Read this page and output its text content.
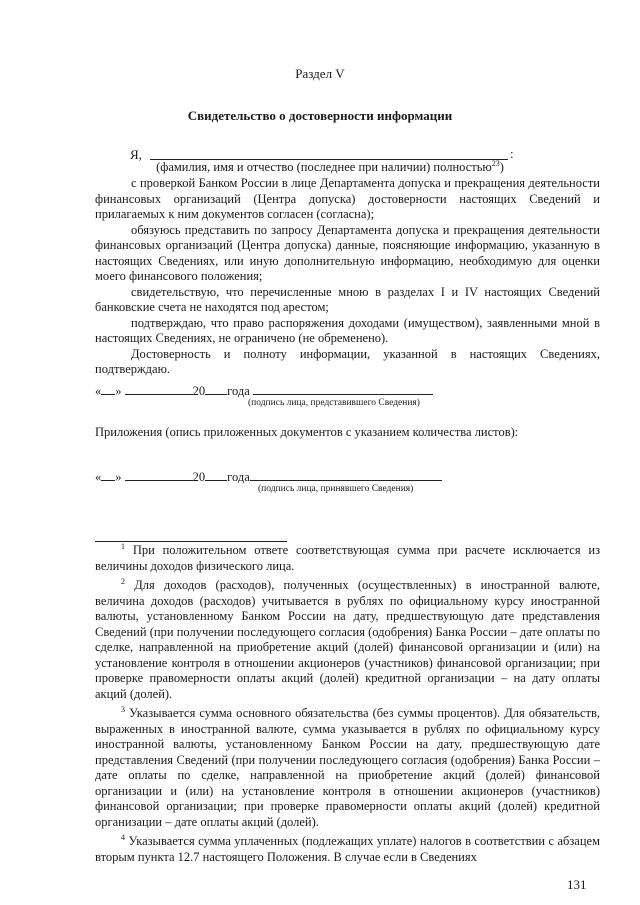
Раздел V
Свидетельство о достоверности информации
Я,	:
(фамилия, имя и отчество (последнее при наличии) полностью$^{23}$)

с проверкой Банком России в лице Департамента допуска и прекращения деятельности финансовых организаций (Центра допуска) достоверности настоящих Сведений и прилагаемых к ним документов согласен (согласна);

обязуюсь представить по запросу Департамента допуска и прекращения деятельности финансовых организаций (Центра допуска) данные, поясняющие информацию, указанную в настоящих Сведениях, или иную дополнительную информацию, необходимую для оценки моего финансового положения;

свидетельствую, что перечисленные мною в разделах I и IV настоящих Сведений банковские счета не находятся под арестом;

подтверждаю, что право распоряжения доходами (имуществом), заявленными мной в настоящих Сведениях, не ограничено (не обременено).

Достоверность и полноту информации, указанной в настоящих Сведениях, подтверждаю.

« »	20 года
(подпись лица, представившего Сведения)
Приложения (опись приложенных документов с указанием количества листов):
« »	20 года
(подпись лица, принявшего Сведения)

$^1$ При положительном ответе соответствующая сумма при расчете исключается из величины доходов физического лица.

$^2$ Для доходов (расходов), полученных (осуществленных) в иностранной валюте, величина доходов (расходов) учитывается в рублях по официальному курсу иностранной валюты, установленному Банком России на дату, предшествующую дате представления Сведений (при получении последующего согласия (одобрения) Банка России – дате оплаты по сделке, направленной на приобретение акций (долей) финансовой организации и (или) на установление контроля в отношении акционеров (участников) финансовой организации; при проверке правомерности оплаты акций (долей) кредитной организации – на дату оплаты акций (долей).

$^3$ Указывается сумма основного обязательства (без суммы процентов). Для обязательств, выраженных в иностранной валюте, сумма указывается в рублях по официальному курсу иностранной валюты, установленному Банком России на дату, предшествующую дате представления Сведений (при получении последующего согласия (одобрения) Банка России – дате оплаты по сделке, направленной на приобретение акций (долей) финансовой организации и (или) на установление контроля в отношении акционеров (участников) финансовой организации; при проверке правомерности оплаты акций (долей) кредитной организации – дате оплаты акций (долей).

$^4$ Указывается сумма уплаченных (подлежащих уплате) налогов в соответствии с абзацем вторым пункта 12.7 настоящего Положения. В случае если в Сведениях

131
